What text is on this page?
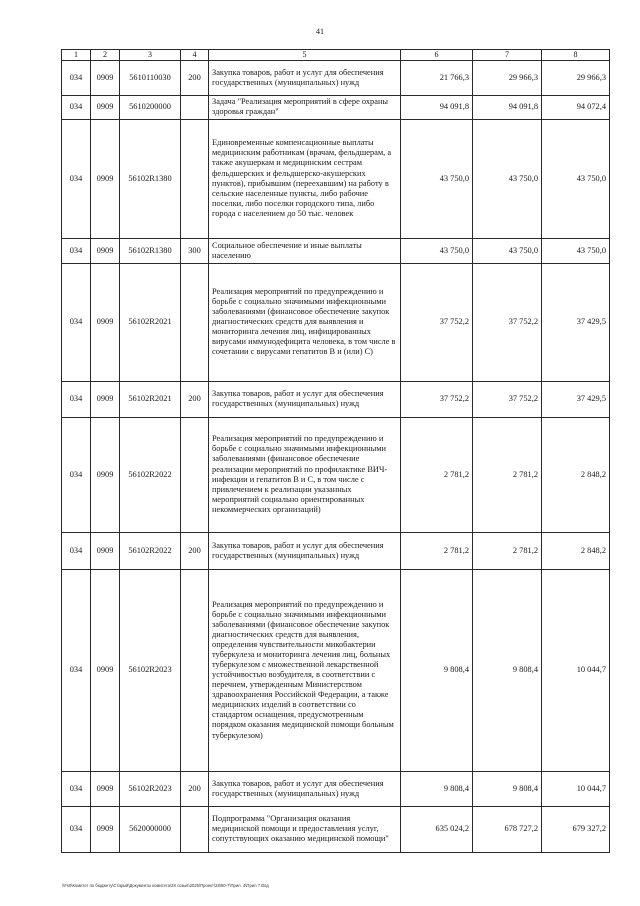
41
1	2	3	4	5	6	7	8
034	0909	5610110030	200	Закупка товаров, работ и услуг для обеспечения государственных (муниципальных) нужд	21 766,3	29 966,3	29 966,3
034	0909	5610200000		Задача "Реализация мероприятий в сфере охраны здоровья граждан"	94 091,8	94 091,8	94 072,4
034	0909	56102R1380		Единовременные компенсационные выплаты медицинским работникам (врачам, фельдшерам, а также акушеркам и медицинским сестрам фельдшерских и фельдшерско-акушерских пунктов), прибывшим (переехавшим) на работу в сельские населенные пункты, либо рабочие поселки, либо поселки городского типа, либо города с населением до 50 тыс. человек	43 750,0	43 750,0	43 750,0
034	0909	56102R1380	300	Социальное обеспечение и иные выплаты населению	43 750,0	43 750,0	43 750,0
034	0909	56102R2021		Реализация мероприятий по предупреждению и борьбе с социально значимыми инфекционными заболеваниями (финансовое обеспечение закупок диагностических средств для выявления и мониторинга лечения лиц, инфицированных вирусами иммунодефицита человека, в том числе в сочетании с вирусами гепатитов В и (или) С)	37 752,2	37 752,2	37 429,5
034	0909	56102R2021	200	Закупка товаров, работ и услуг для обеспечения государственных (муниципальных) нужд	37 752,2	37 752,2	37 429,5
034	0909	56102R2022		Реализация мероприятий по предупреждению и борьбе с социально значимыми инфекционными заболеваниями (финансовое обеспечение реализации мероприятий по профилактике ВИЧ-инфекции и гепатитов В и С, в том числе с привлечением к реализации указанных мероприятий социально ориентированных некоммерческих организаций)	2 781,2	2 781,2	2 848,2
034	0909	56102R2022	200	Закупка товаров, работ и услуг для обеспечения государственных (муниципальных) нужд	2 781,2	2 781,2	2 848,2
034	0909	56102R2023		Реализация мероприятий по предупреждению и борьбе с социально значимыми инфекционными заболеваниями (финансовое обеспечение закупок диагностических средств для выявления, определения чувствительности микобактерии туберкулеза и мониторинга лечения лиц, больных туберкулезом с множественной лекарственной устойчивостью возбудителя, в соответствии с перечнем, утвержденным Министерством здравоохранения Российской Федерации, а также медицинских изделий в соответствии со стандартом оснащения, предусмотренным порядком оказания медицинской помощи больным туберкулезом)	9 808,4	9 808,4	10 044,7
034	0909	56102R2023	200	Закупка товаров, работ и услуг для обеспечения государственных (муниципальных) нужд	9 808,4	9 808,4	10 044,7
034	0909	5620000000		Подпрограмма "Организация оказания медицинской помощи и предоставления услуг, сопутствующих оказанию медицинской помощи"	635 024,2	678 727,2	679 327,2
\\Fs0\Комитет по бюджету\Старый\Документы комитета\28 созыв\2025\Проект\28\50-7\Прил. 4\Прил 7 Вод
